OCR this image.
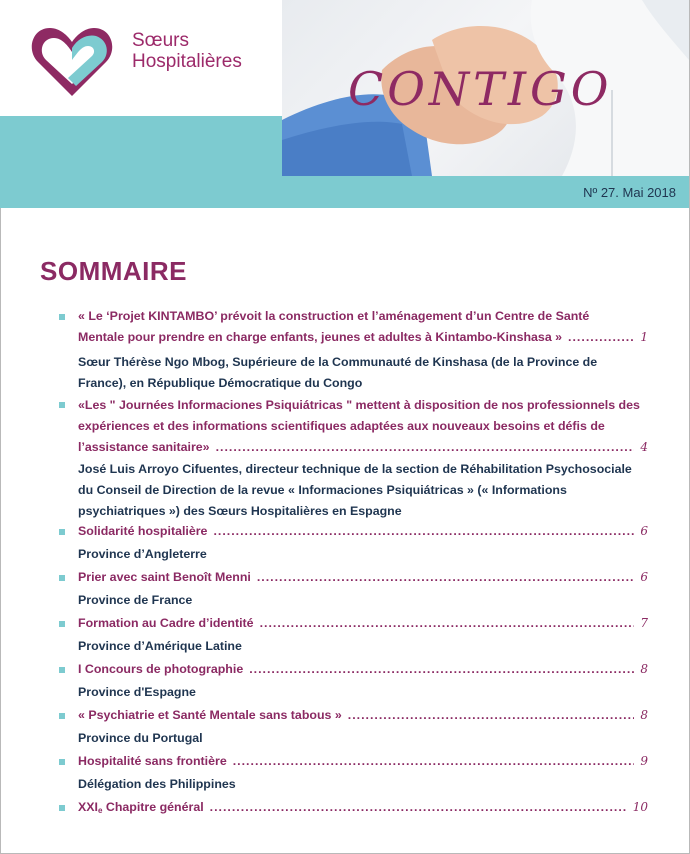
Sœurs
Hospitalières
CONTIGO
Nº 27. Mai 2018
SOMMAIRE
« Le ‘Projet KINTAMBO’ prévoit la construction et l’aménagement d’un Centre de Santé
Mentale pour prendre en charge enfants, jeunes et adultes à Kintambo-Kinshasa » .....	1
Sœur Thérèse Ngo Mbog, Supérieure de la Communauté de Kinshasa (de la Province de
France), en République Démocratique du Congo
«Les " Journées Informaciones Psiquiátricas " mettent à disposition de nos professionnels des
expériences et des informations scientifiques adaptées aux nouveaux besoins et défis de
l’assistance sanitaire» .....	4
José Luis Arroyo Cifuentes, directeur technique de la section de Réhabilitation Psychosociale
du Conseil de Direction de la revue « Informaciones Psiquiátricas » (« Informations
psychiatriques ») des Sœurs Hospitalières en Espagne
Solidarité hospitalière .....	6
Province d’Angleterre
Prier avec saint Benoît Menni .....	6
Province de France
Formation au Cadre d’identité .....	7
Province d’Amérique Latine
I Concours de photographie .....	8
Province d'Espagne
« Psychiatrie et Santé Mentale sans tabous » .....	8
Province du Portugal
Hospitalité sans frontière .....	9
Délégation des Philippines
XXIe Chapitre général .....	10
